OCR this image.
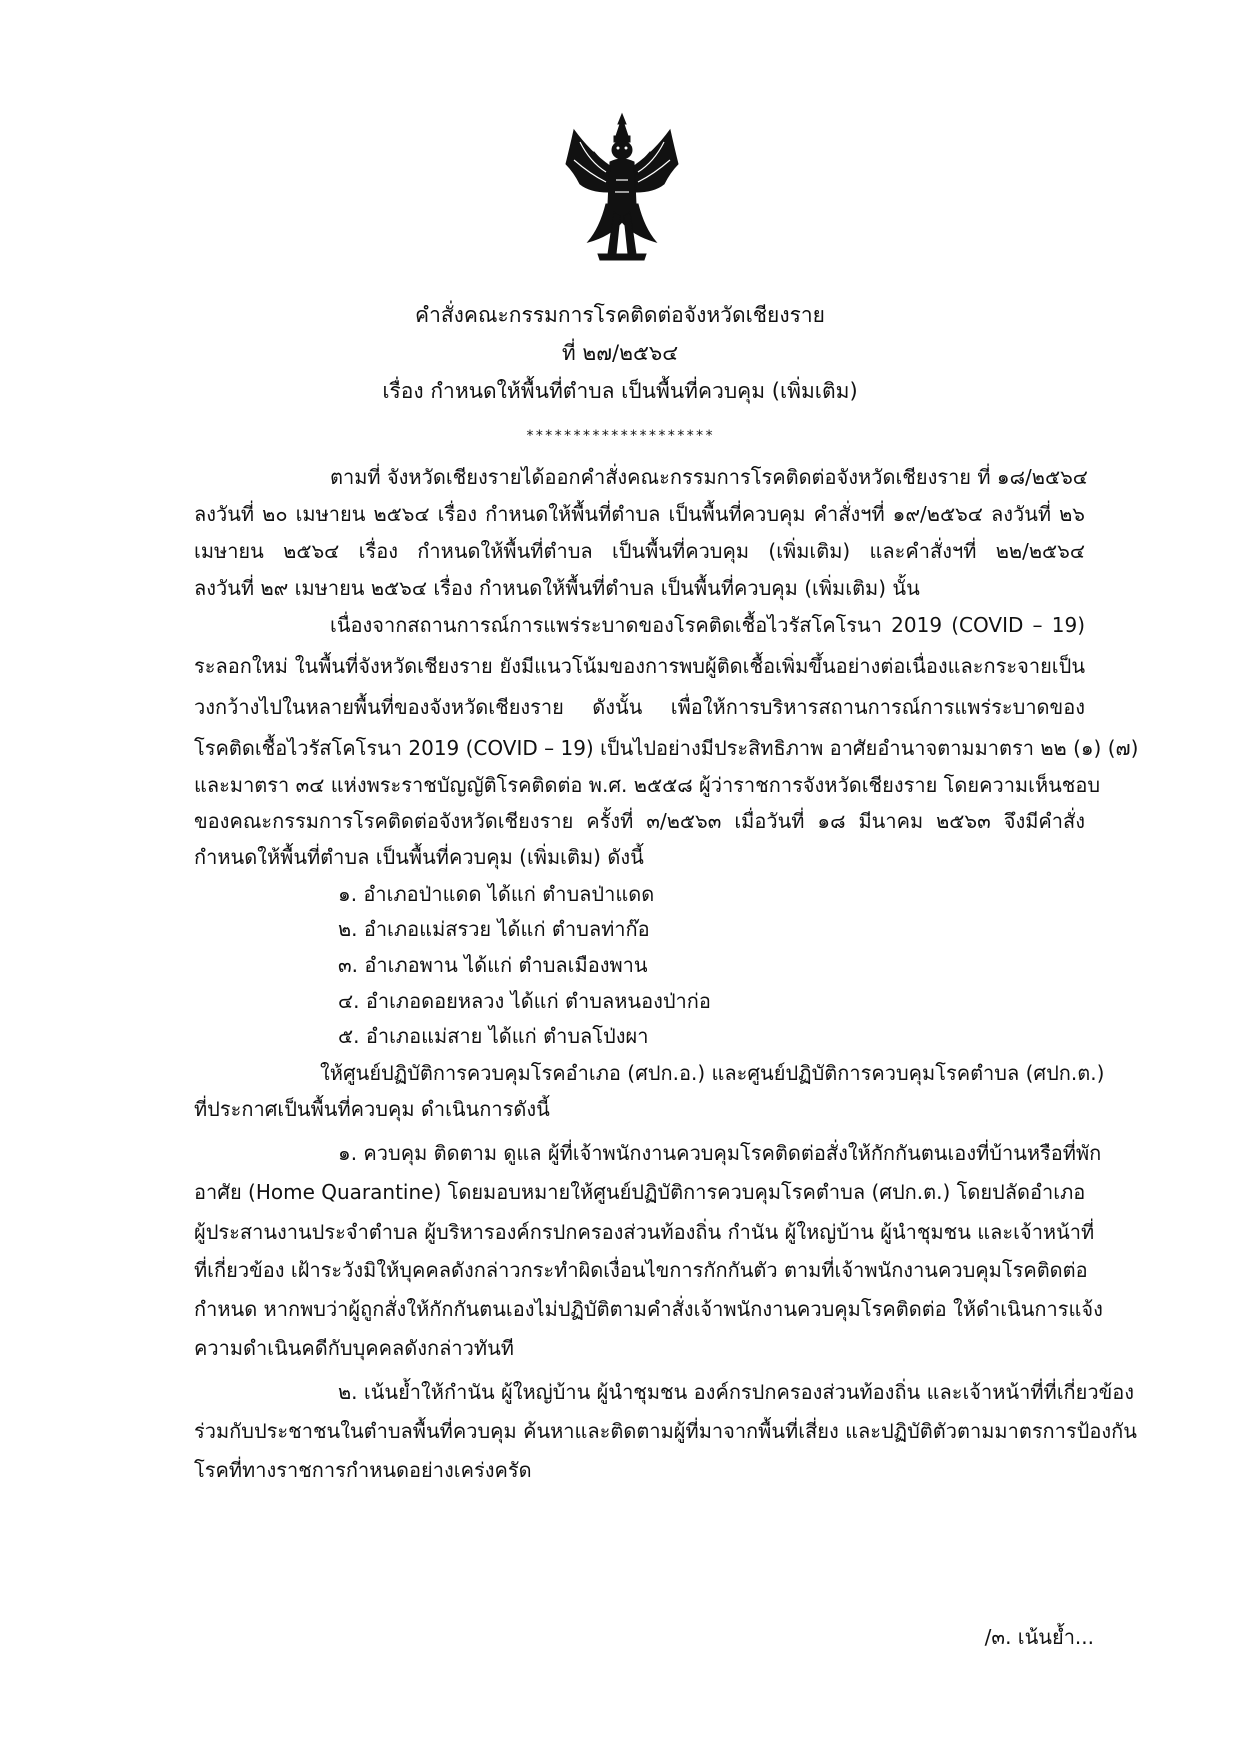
คำสั่งคณะกรรมการโรคติดต่อจังหวัดเชียงราย
ที่ ๒๗/๒๕๖๔
เรื่อง กำหนดให้พื้นที่ตำบล เป็นพื้นที่ควบคุม (เพิ่มเติม)
********************
ตามที่ จังหวัดเชียงรายได้ออกคำสั่งคณะกรรมการโรคติดต่อจังหวัดเชียงราย ที่ ๑๘/๒๕๖๔
ลงวันที่ ๒๐ เมษายน ๒๕๖๔ เรื่อง กำหนดให้พื้นที่ตำบล เป็นพื้นที่ควบคุม คำสั่งฯที่ ๑๙/๒๕๖๔ ลงวันที่ ๒๖
เมษายน ๒๕๖๔ เรื่อง กำหนดให้พื้นที่ตำบล เป็นพื้นที่ควบคุม (เพิ่มเติม) และคำสั่งฯที่ ๒๒/๒๕๖๔
ลงวันที่ ๒๙ เมษายน ๒๕๖๔ เรื่อง กำหนดให้พื้นที่ตำบล เป็นพื้นที่ควบคุม (เพิ่มเติม) นั้น
เนื่องจากสถานการณ์การแพร่ระบาดของโรคติดเชื้อไวรัสโคโรนา 2019 (COVID – 19)
ระลอกใหม่ ในพื้นที่จังหวัดเชียงราย ยังมีแนวโน้มของการพบผู้ติดเชื้อเพิ่มขึ้นอย่างต่อเนื่องและกระจายเป็น
วงกว้างไปในหลายพื้นที่ของจังหวัดเชียงราย ดังนั้น เพื่อให้การบริหารสถานการณ์การแพร่ระบาดของ
โรคติดเชื้อไวรัสโคโรนา 2019 (COVID – 19) เป็นไปอย่างมีประสิทธิภาพ อาศัยอำนาจตามมาตรา ๒๒ (๑) (๗)
และมาตรา ๓๔ แห่งพระราชบัญญัติโรคติดต่อ พ.ศ. ๒๕๕๘ ผู้ว่าราชการจังหวัดเชียงราย โดยความเห็นชอบ
ของคณะกรรมการโรคติดต่อจังหวัดเชียงราย ครั้งที่ ๓/๒๕๖๓ เมื่อวันที่ ๑๘ มีนาคม ๒๕๖๓ จึงมีคำสั่ง
กำหนดให้พื้นที่ตำบล เป็นพื้นที่ควบคุม (เพิ่มเติม) ดังนี้
๑. อำเภอป่าแดด ได้แก่ ตำบลป่าแดด
๒. อำเภอแม่สรวย ได้แก่ ตำบลท่าก๊อ
๓. อำเภอพาน ได้แก่ ตำบลเมืองพาน
๔. อำเภอดอยหลวง ได้แก่ ตำบลหนองป่าก่อ
๕. อำเภอแม่สาย ได้แก่ ตำบลโป่งผา
ให้ศูนย์ปฏิบัติการควบคุมโรคอำเภอ (ศปก.อ.) และศูนย์ปฏิบัติการควบคุมโรคตำบล (ศปก.ต.)
ที่ประกาศเป็นพื้นที่ควบคุม ดำเนินการดังนี้
๑. ควบคุม ติดตาม ดูแล ผู้ที่เจ้าพนักงานควบคุมโรคติดต่อสั่งให้กักกันตนเองที่บ้านหรือที่พัก
อาศัย (Home Quarantine) โดยมอบหมายให้ศูนย์ปฏิบัติการควบคุมโรคตำบล (ศปก.ต.) โดยปลัดอำเภอ
ผู้ประสานงานประจำตำบล ผู้บริหารองค์กรปกครองส่วนท้องถิ่น กำนัน ผู้ใหญ่บ้าน ผู้นำชุมชน และเจ้าหน้าที่
ที่เกี่ยวข้อง เฝ้าระวังมิให้บุคคลดังกล่าวกระทำผิดเงื่อนไขการกักกันตัว ตามที่เจ้าพนักงานควบคุมโรคติดต่อ
กำหนด หากพบว่าผู้ถูกสั่งให้กักกันตนเองไม่ปฏิบัติตามคำสั่งเจ้าพนักงานควบคุมโรคติดต่อ ให้ดำเนินการแจ้ง
ความดำเนินคดีกับบุคคลดังกล่าวทันที
๒. เน้นย้ำให้กำนัน ผู้ใหญ่บ้าน ผู้นำชุมชน องค์กรปกครองส่วนท้องถิ่น และเจ้าหน้าที่ที่เกี่ยวข้อง
ร่วมกับประชาชนในตำบลพื้นที่ควบคุม ค้นหาและติดตามผู้ที่มาจากพื้นที่เสี่ยง และปฏิบัติตัวตามมาตรการป้องกัน
โรคที่ทางราชการกำหนดอย่างเคร่งครัด
/๓. เน้นย้ำ...
